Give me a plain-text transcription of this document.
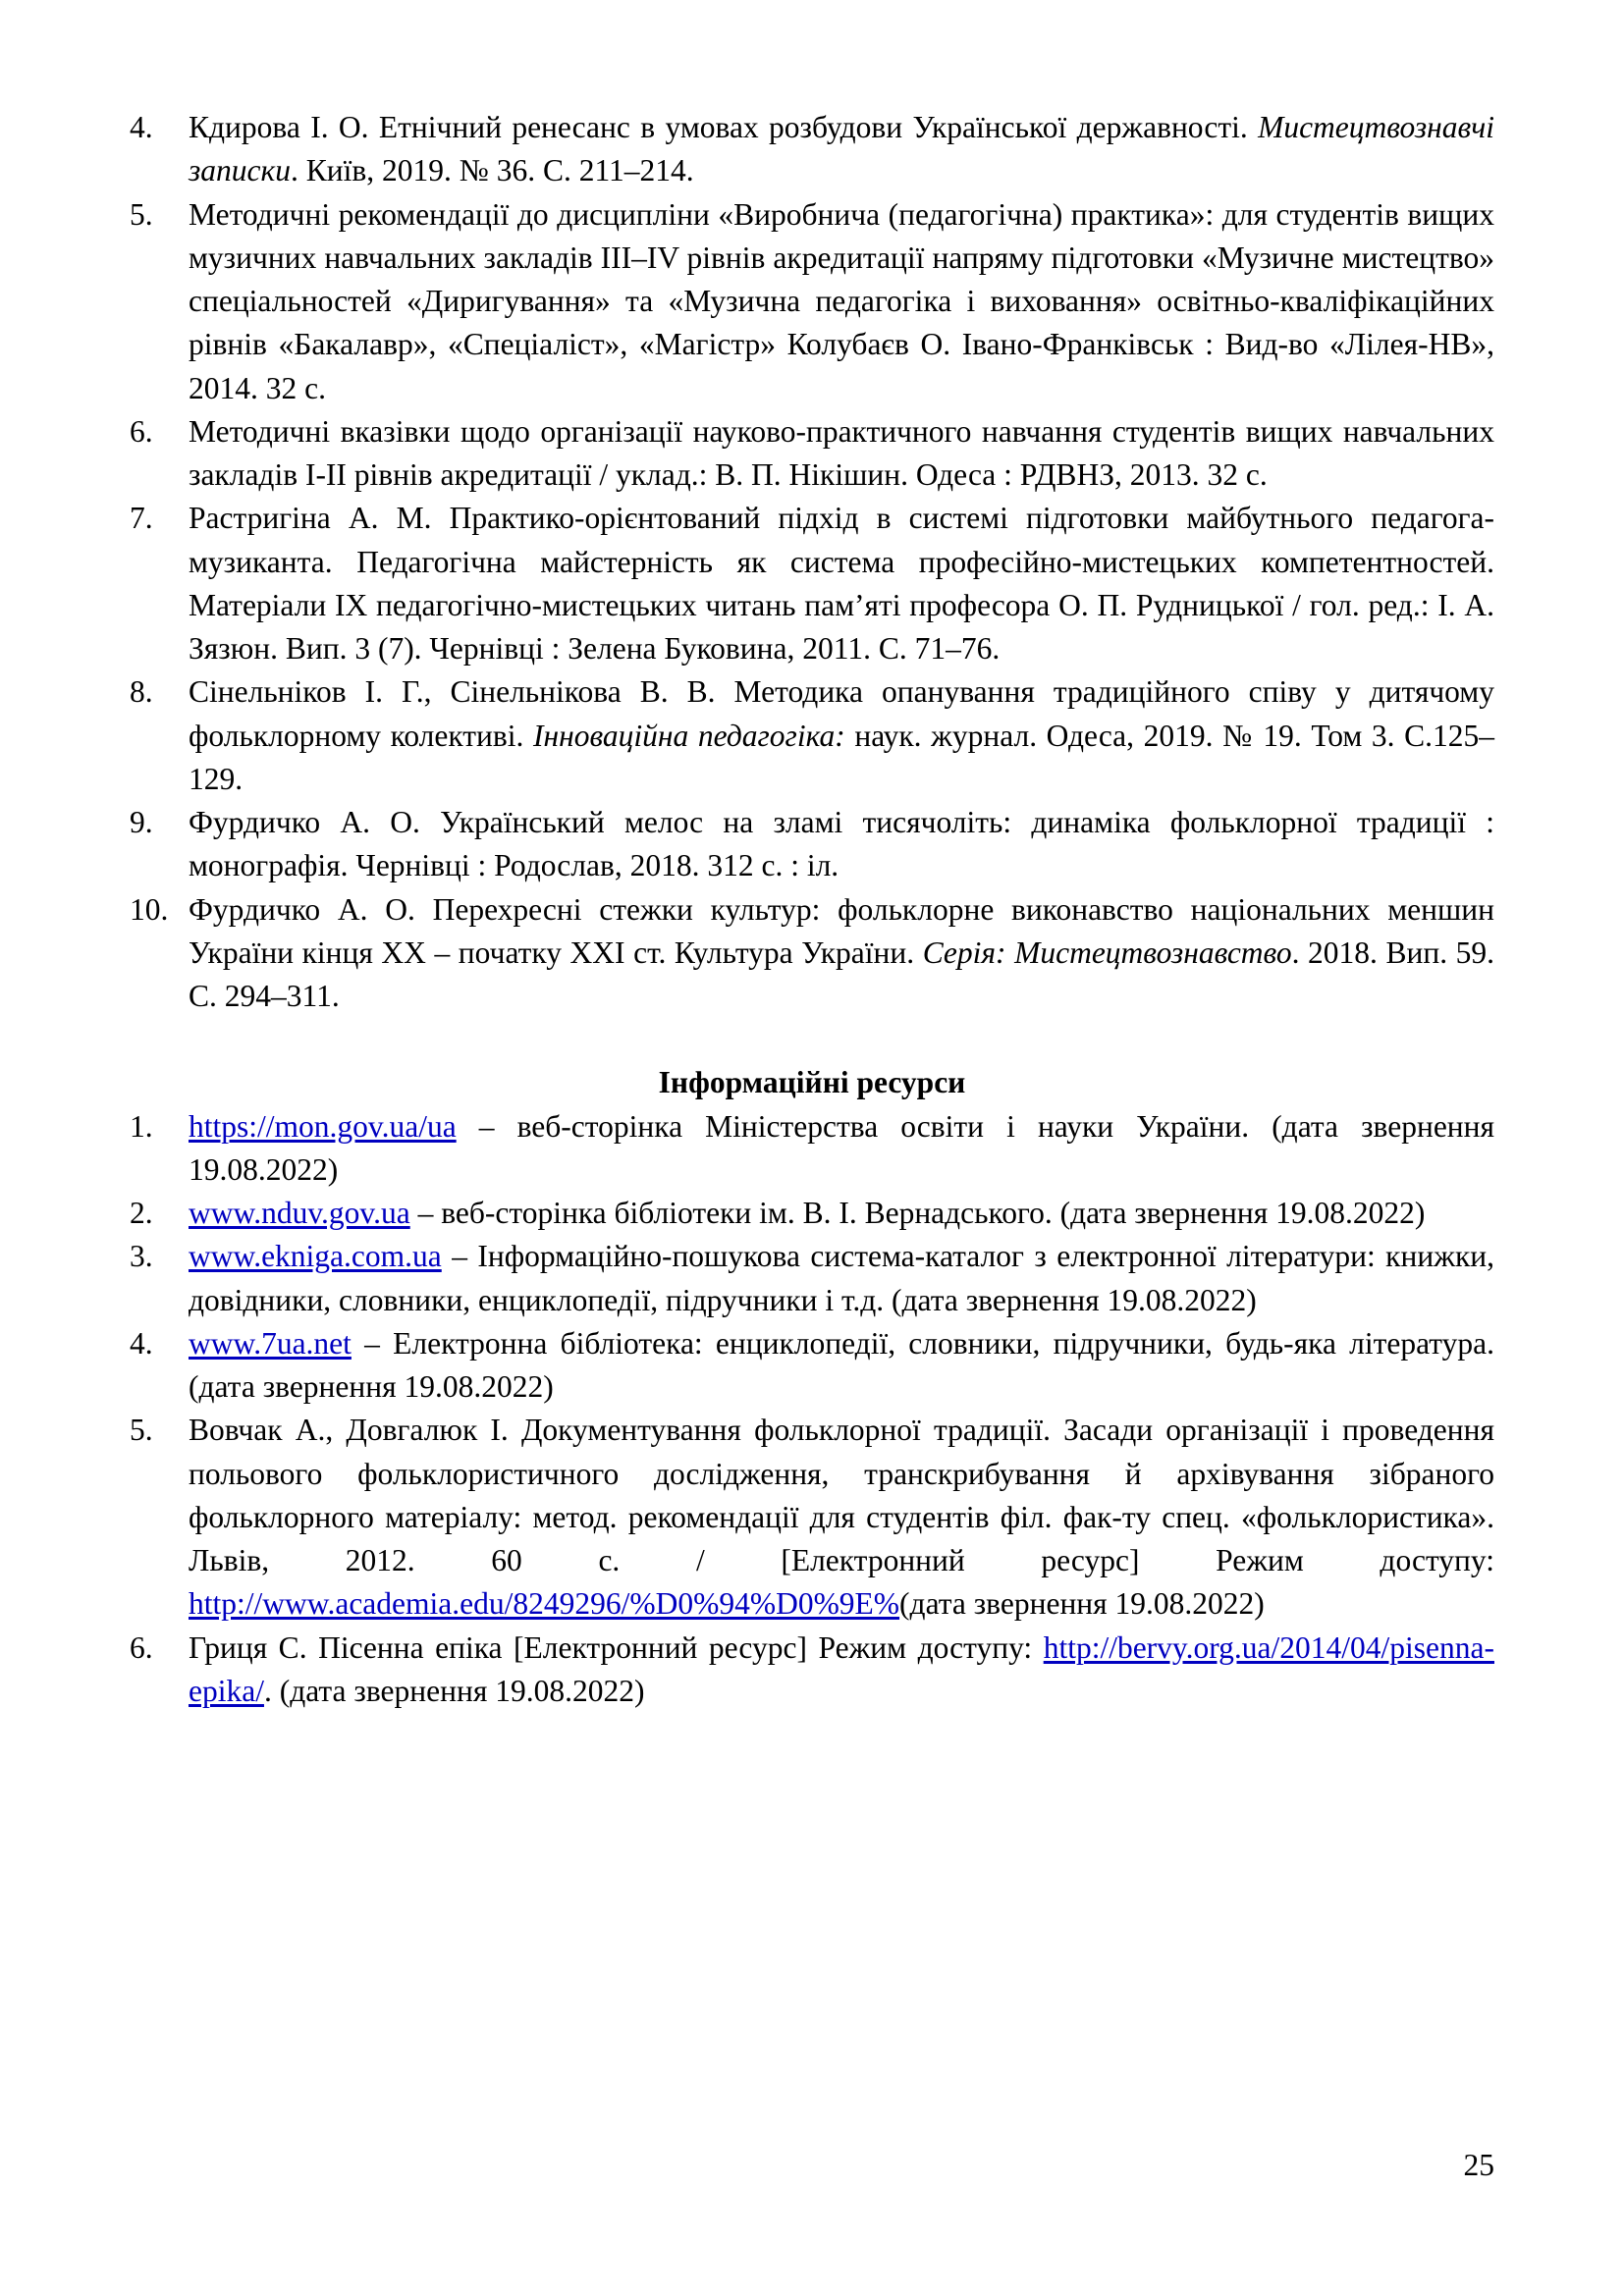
4.	Кдирова І. О. Етнічний ренесанс в умовах розбудови Української державності. Мистецтвознавчі записки. Київ, 2019. № 36. С. 211–214.
5.	Методичні рекомендації до дисципліни «Виробнича (педагогічна) практика»: для студентів вищих музичних навчальних закладів ІІІ–ІV рівнів акредитації напряму підготовки «Музичне мистецтво» спеціальностей «Диригування» та «Музична педагогіка і виховання» освітньо-кваліфікаційних рівнів «Бакалавр», «Спеціаліст», «Магістр» Колубаєв О. Івано-Франківськ : Вид-во «Лілея-НВ», 2014. 32 с.
6.	Методичні вказівки щодо організації науково-практичного навчання студентів вищих навчальних закладів І-ІІ рівнів акредитації / уклад.: В. П. Нікішин. Одеса : РДВНЗ, 2013. 32 с.
7.	Растригіна А. М. Практико-орієнтований підхід в системі підготовки майбутнього педагога-музиканта. Педагогічна майстерність як система професійно-мистецьких компетентностей. Матеріали ІХ педагогічно-мистецьких читань пам’яті професора О. П. Рудницької / гол. ред.: І. А. Зязюн. Вип. 3 (7). Чернівці : Зелена Буковина, 2011. С. 71–76.
8.	Сінельніков І. Г., Сінельнікова В. В. Методика опанування традиційного співу у дитячому фольклорному колективі. Інноваційна педагогіка: наук. журнал. Одеса, 2019. № 19. Том 3. С.125–129.
9.	Фурдичко А. О. Український мелос на зламі тисячоліть: динаміка фольклорної традиції : монографія. Чернівці : Родослав, 2018. 312 с. : іл.
10. Фурдичко А. О. Перехресні стежки культур: фольклорне виконавство національних меншин України кінця ХХ – початку ХХІ ст. Культура України. Серія: Мистецтвознавство. 2018. Вип. 59. С. 294–311.
Інформаційні ресурси
1.	https://mon.gov.ua/ua – веб-сторінка Міністерства освіти і науки України. (дата звернення 19.08.2022)
2.	www.nduv.gov.ua – веб-сторінка бібліотеки ім. В. І. Вернадського. (дата звернення 19.08.2022)
3.	www.ekniga.com.ua – Інформаційно-пошукова система-каталог з електронної літератури: книжки, довідники, словники, енциклопедії, підручники і т.д. (дата звернення 19.08.2022)
4.	www.7ua.net – Електронна бібліотека: енциклопедії, словники, підручники, будь-яка література. (дата звернення 19.08.2022)
5.	Вовчак А., Довгалюк І. Документування фольклорної традиції. Засади організації і проведення польового фольклористичного дослідження, транскрибування й архівування зібраного фольклорного матеріалу: метод. рекомендації для студентів філ. фак-ту спец. «фольклористика». Львів, 2012. 60 с. / [Електронний ресурс] Режим доступу: http://www.academia.edu/8249296/%D0%94%D0%9E%(дата звернення 19.08.2022)
6.	Гриця С. Пісенна епіка [Електронний ресурс] Режим доступу: http://bervy.org.ua/2014/04/pisenna-epika/. (дата звернення 19.08.2022)
25
